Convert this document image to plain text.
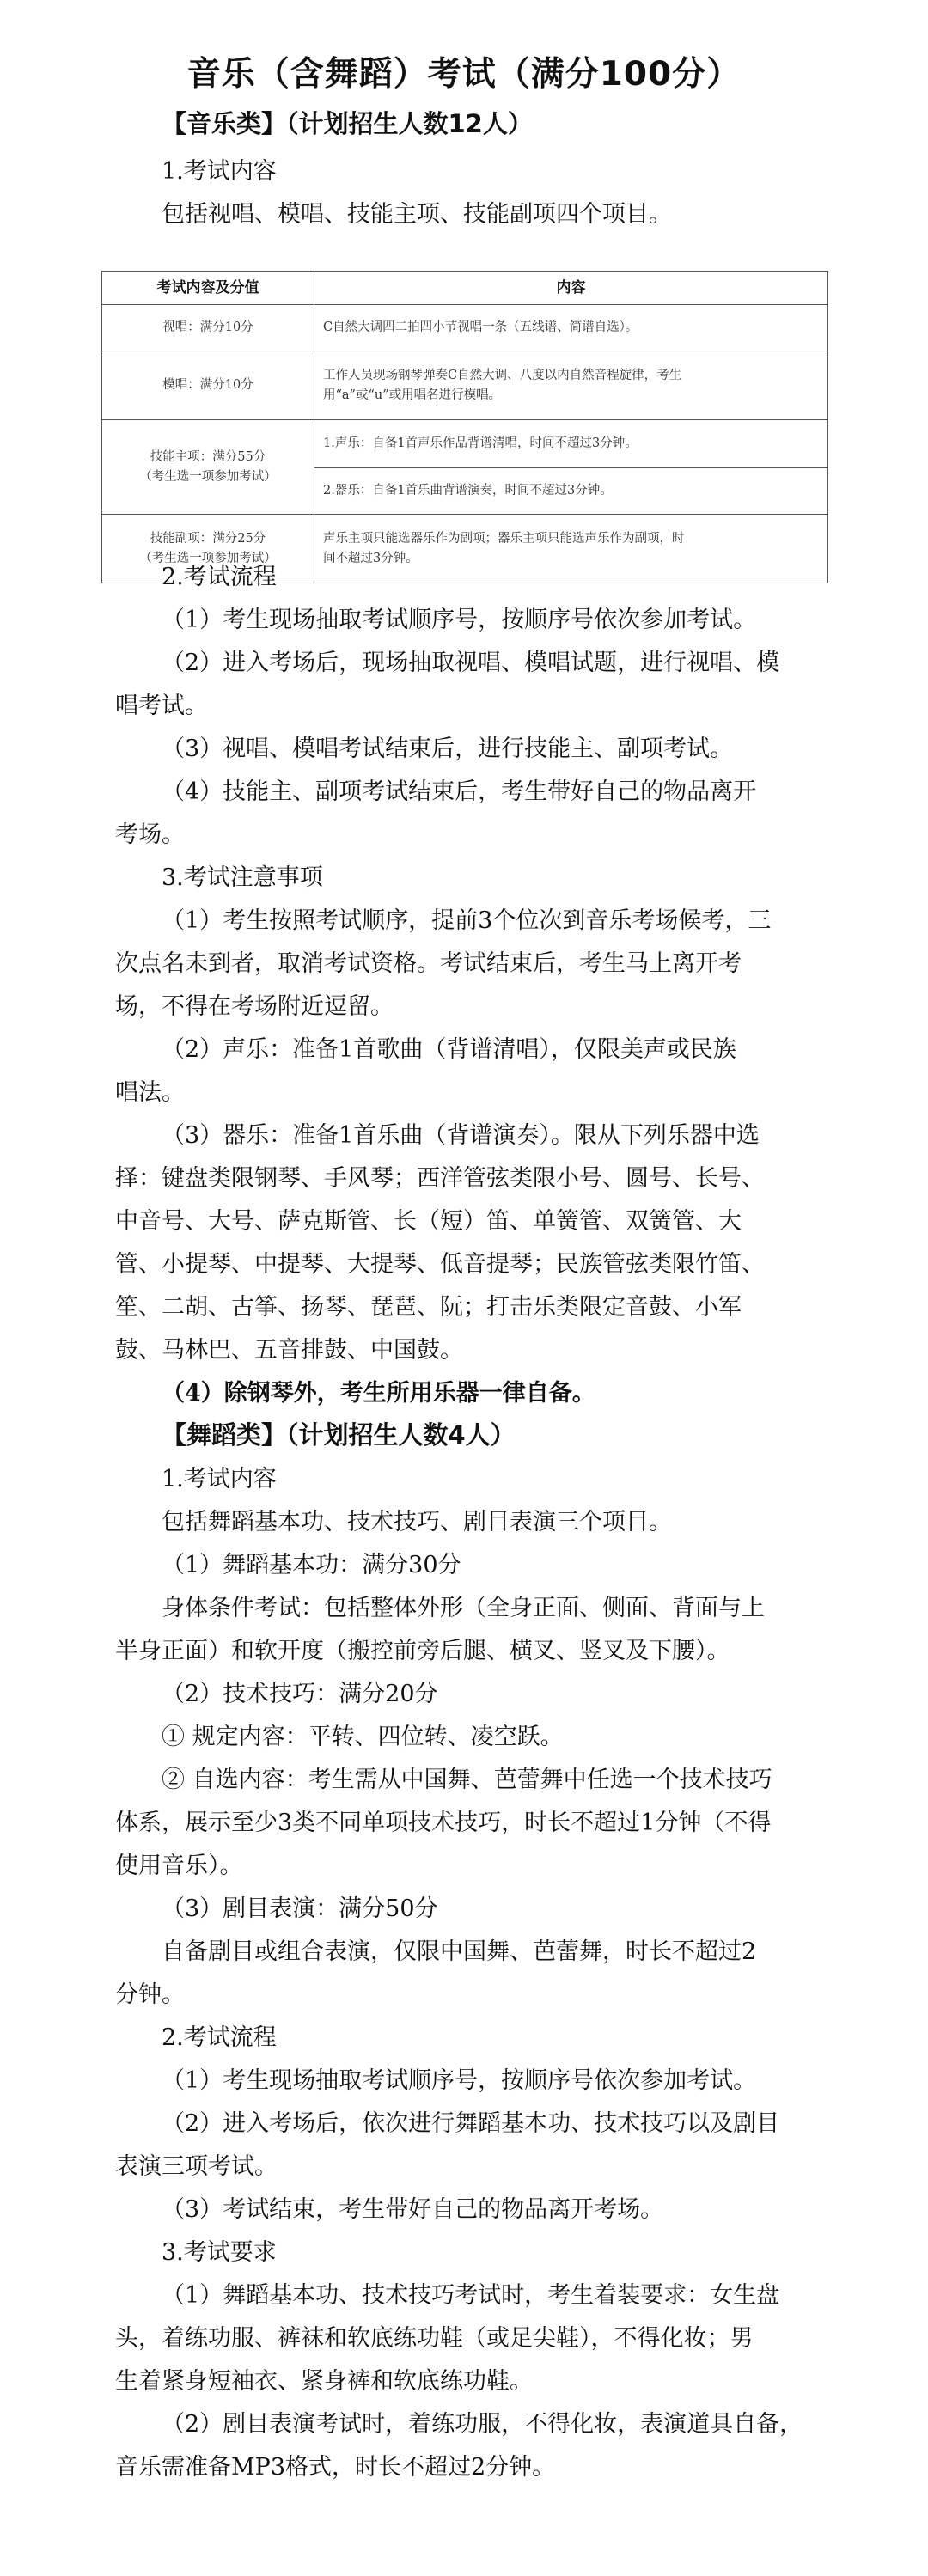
音乐（含舞蹈）考试（满分100分）
【音乐类】（计划招生人数12人）
1.考试内容
包括视唱、模唱、技能主项、技能副项四个项目。
考试内容及分值	内容
视唱：满分10分	C自然大调四二拍四小节视唱一条（五线谱、简谱自选）。
模唱：满分10分	工作人员现场钢琴弹奏C自然大调、八度以内自然音程旋律，考生
用“a”或“u”或用唱名进行模唱。
技能主项：满分55分
（考生选一项参加考试）	1.声乐：自备1首声乐作品背谱清唱，时间不超过3分钟。
	2.器乐：自备1首乐曲背谱演奏，时间不超过3分钟。
技能副项：满分25分
（考生选一项参加考试）	声乐主项只能选器乐作为副项；器乐主项只能选声乐作为副项，时
间不超过3分钟。
2.考试流程
（1）考生现场抽取考试顺序号，按顺序号依次参加考试。
（2）进入考场后，现场抽取视唱、模唱试题，进行视唱、模
唱考试。
（3）视唱、模唱考试结束后，进行技能主、副项考试。
（4）技能主、副项考试结束后，考生带好自己的物品离开
考场。
3.考试注意事项
（1）考生按照考试顺序，提前3个位次到音乐考场候考，三
次点名未到者，取消考试资格。考试结束后，考生马上离开考
场，不得在考场附近逗留。
（2）声乐：准备1首歌曲（背谱清唱），仅限美声或民族
唱法。
（3）器乐：准备1首乐曲（背谱演奏）。限从下列乐器中选
择：键盘类限钢琴、手风琴；西洋管弦类限小号、圆号、长号、
中音号、大号、萨克斯管、长（短）笛、单簧管、双簧管、大
管、小提琴、中提琴、大提琴、低音提琴；民族管弦类限竹笛、
笙、二胡、古筝、扬琴、琵琶、阮；打击乐类限定音鼓、小军
鼓、马林巴、五音排鼓、中国鼓。
（4）除钢琴外，考生所用乐器一律自备。
【舞蹈类】（计划招生人数4人）
1.考试内容
包括舞蹈基本功、技术技巧、剧目表演三个项目。
（1）舞蹈基本功：满分30分
身体条件考试：包括整体外形（全身正面、侧面、背面与上
半身正面）和软开度（搬控前旁后腿、横叉、竖叉及下腰）。
（2）技术技巧：满分20分
① 规定内容：平转、四位转、凌空跃。
② 自选内容：考生需从中国舞、芭蕾舞中任选一个技术技巧
体系，展示至少3类不同单项技术技巧，时长不超过1分钟（不得
使用音乐）。
（3）剧目表演：满分50分
自备剧目或组合表演，仅限中国舞、芭蕾舞，时长不超过2
分钟。
2.考试流程
（1）考生现场抽取考试顺序号，按顺序号依次参加考试。
（2）进入考场后，依次进行舞蹈基本功、技术技巧以及剧目
表演三项考试。
（3）考试结束，考生带好自己的物品离开考场。
3.考试要求
（1）舞蹈基本功、技术技巧考试时，考生着装要求：女生盘
头，着练功服、裤袜和软底练功鞋（或足尖鞋），不得化妆；男
生着紧身短袖衣、紧身裤和软底练功鞋。
（2）剧目表演考试时，着练功服，不得化妆，表演道具自备，
音乐需准备MP3格式，时长不超过2分钟。
